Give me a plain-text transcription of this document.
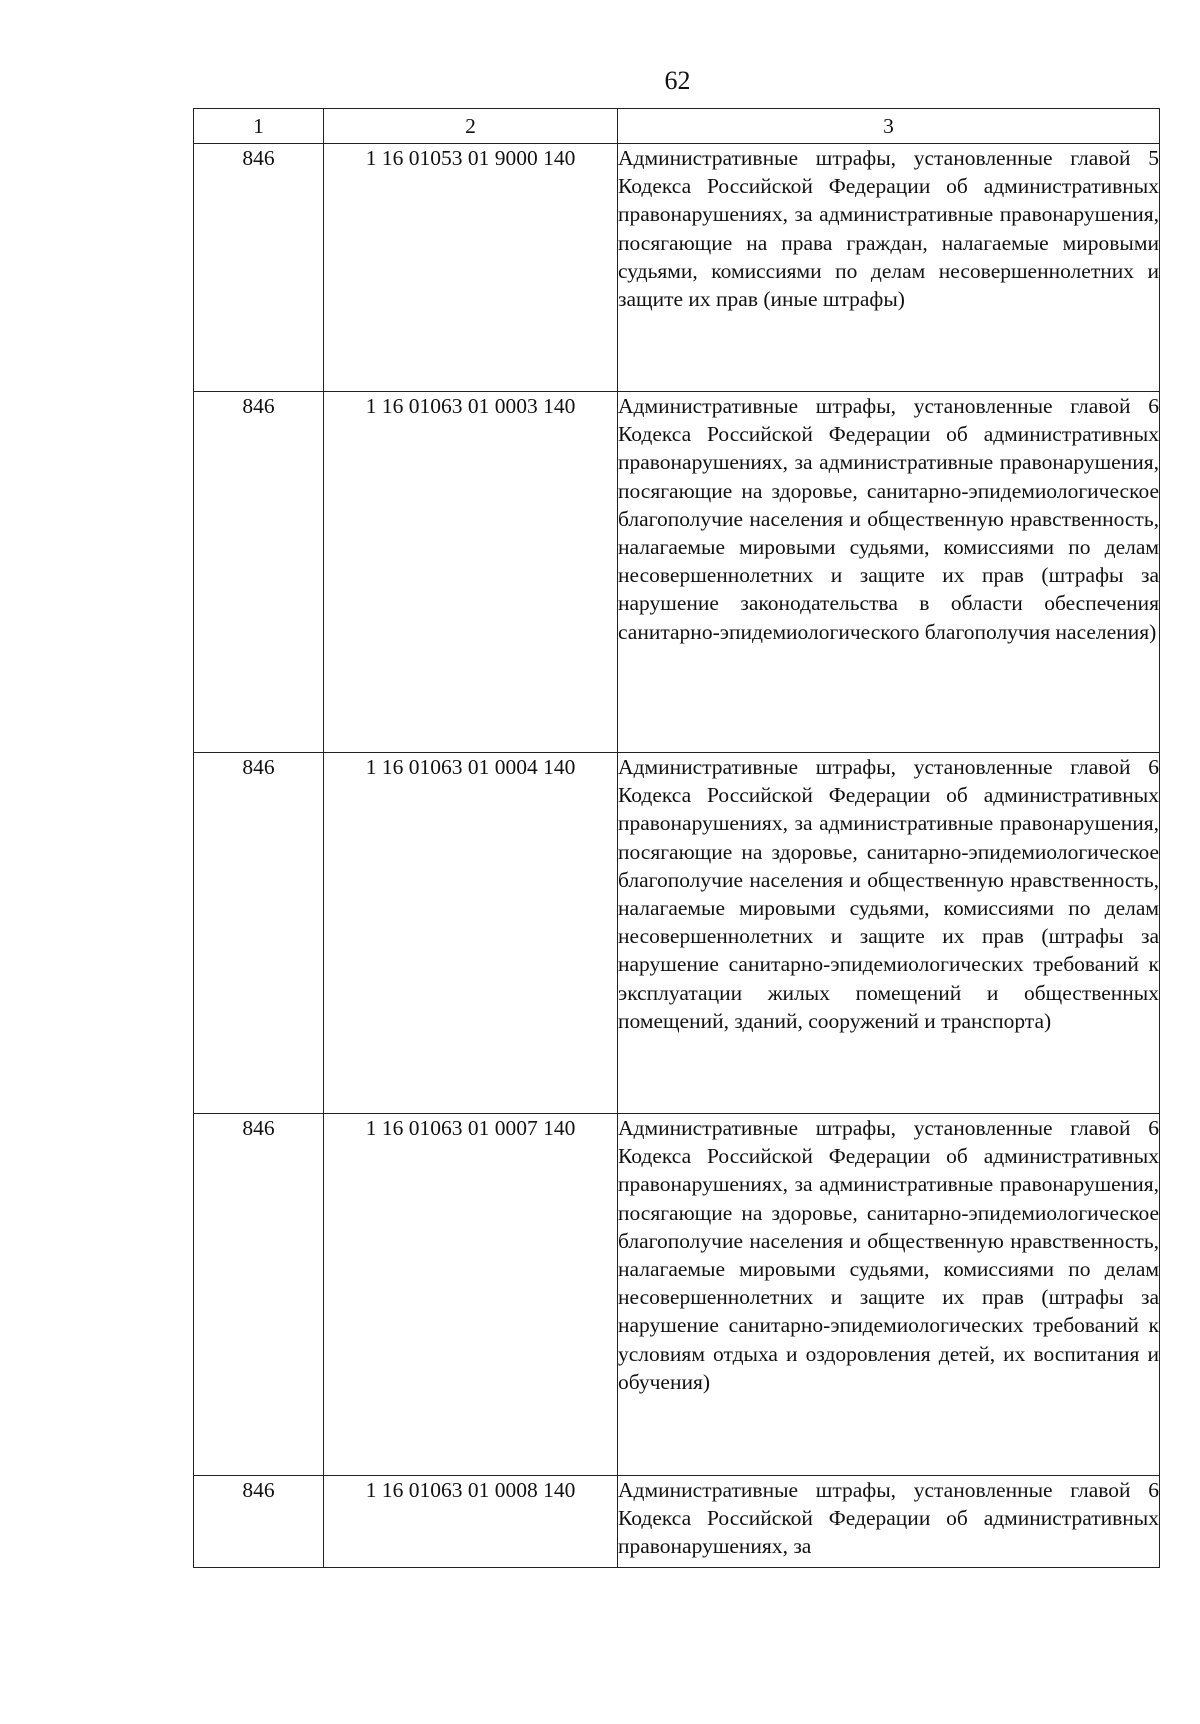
62
1	2	3
846	1 16 01053 01 9000 140	Административные штрафы, установленные главой 5 Кодекса Российской Федерации об административных правонарушениях, за административные правонарушения, посягающие на права граждан, налагаемые мировыми судьями, комиссиями по делам несовершеннолетних и защите их прав (иные штрафы)
846	1 16 01063 01 0003 140	Административные штрафы, установленные главой 6 Кодекса Российской Федерации об административных правонарушениях, за административные правонарушения, посягающие на здоровье, санитарно-эпидемиологическое благополучие населения и общественную нравственность, налагаемые мировыми судьями, комиссиями по делам несовершеннолетних и защите их прав (штрафы за нарушение законодательства в области обеспечения санитарно-эпидемиологического благополучия населения)
846	1 16 01063 01 0004 140	Административные штрафы, установленные главой 6 Кодекса Российской Федерации об административных правонарушениях, за административные правонарушения, посягающие на здоровье, санитарно-эпидемиологическое благополучие населения и общественную нравственность, налагаемые мировыми судьями, комиссиями по делам несовершеннолетних и защите их прав (штрафы за нарушение санитарно-эпидемиологических требований к эксплуатации жилых помещений и общественных помещений, зданий, сооружений и транспорта)
846	1 16 01063 01 0007 140	Административные штрафы, установленные главой 6 Кодекса Российской Федерации об административных правонарушениях, за административные правонарушения, посягающие на здоровье, санитарно-эпидемиологическое благополучие населения и общественную нравственность, налагаемые мировыми судьями, комиссиями по делам несовершеннолетних и защите их прав (штрафы за нарушение санитарно-эпидемиологических требований к условиям отдыха и оздоровления детей, их воспитания и обучения)
846	1 16 01063 01 0008 140	Административные штрафы, установленные главой 6 Кодекса Российской Федерации об административных правонарушениях, за
